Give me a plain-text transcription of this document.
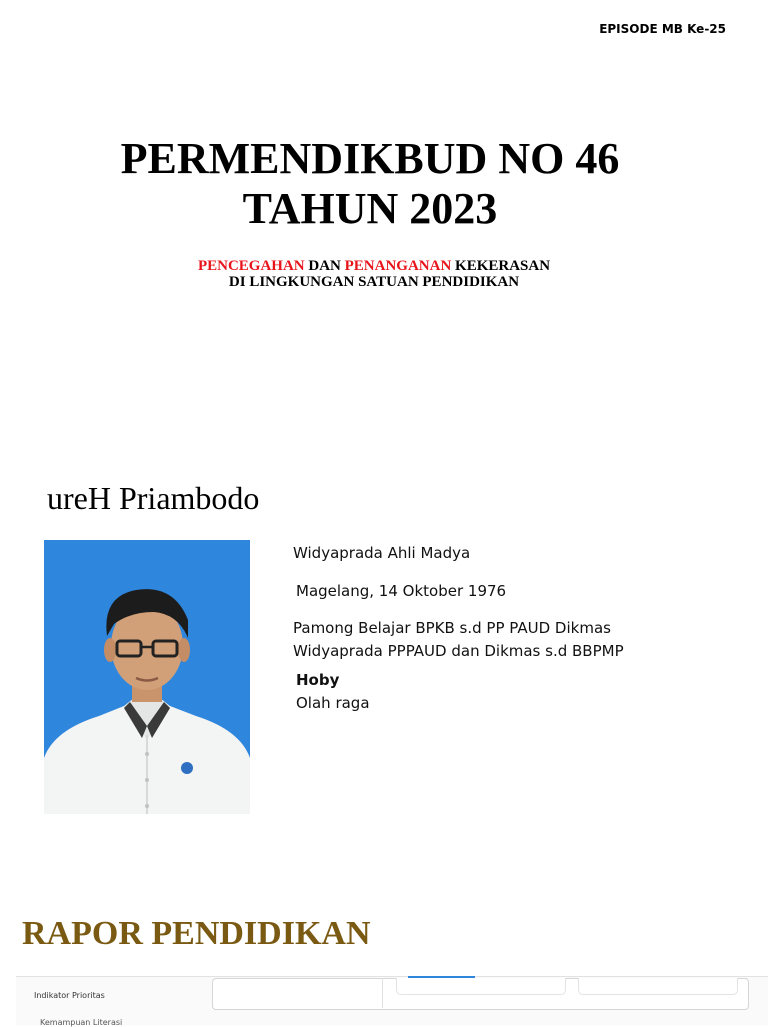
EPISODE MB Ke-25
PERMENDIKBUD NO 46
TAHUN 2023
PENCEGAHAN DAN PENANGANAN KEKERASAN
DI LINGKUNGAN SATUAN PENDIDIKAN
ureH Priambodo
Widyaprada Ahli Madya
Magelang, 14 Oktober 1976
Pamong Belajar BPKB s.d PP PAUD Dikmas
Widyaprada PPPAUD dan Dikmas s.d BBPMP
Hoby
Olah raga
RAPOR PENDIDIKAN
Indikator Prioritas
Kemampuan Literasi
